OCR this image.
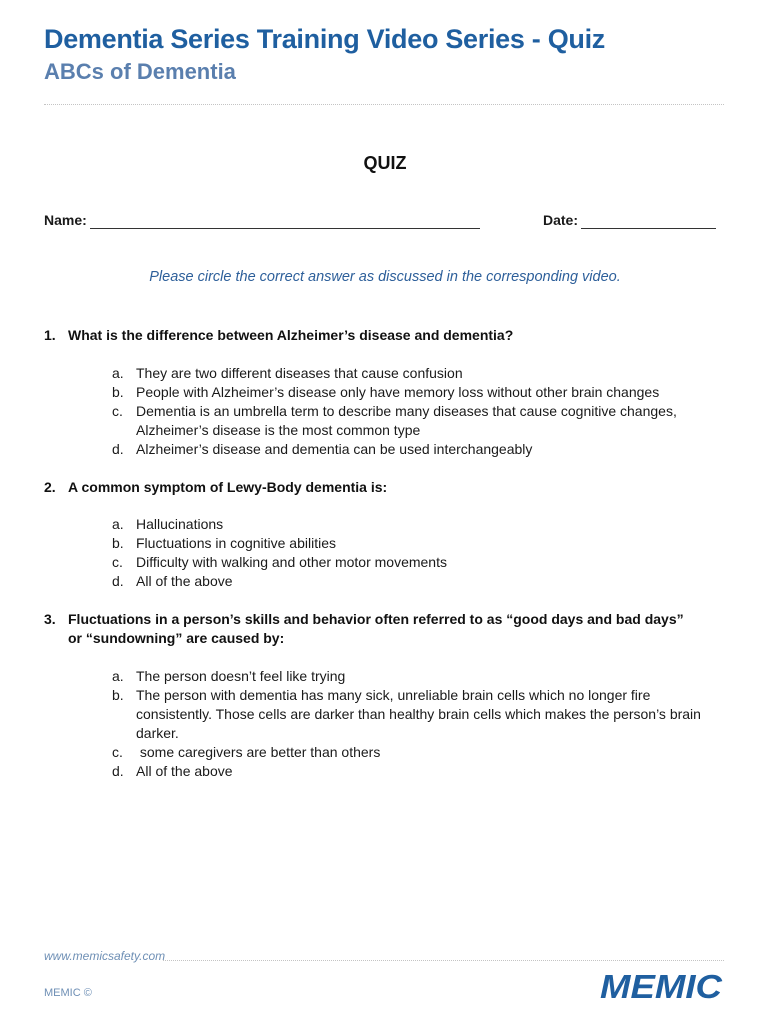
Dementia Series Training Video Series - Quiz
ABCs of Dementia
QUIZ
Name:	Date:
Please circle the correct answer as discussed in the corresponding video.
1. What is the difference between Alzheimer’s disease and dementia?
a. They are two different diseases that cause confusion
b. People with Alzheimer’s disease only have memory loss without other brain changes
c. Dementia is an umbrella term to describe many diseases that cause cognitive changes, Alzheimer’s disease is the most common type
d. Alzheimer’s disease and dementia can be used interchangeably
2. A common symptom of Lewy-Body dementia is:
a. Hallucinations
b. Fluctuations in cognitive abilities
c. Difficulty with walking and other motor movements
d. All of the above
3. Fluctuations in a person’s skills and behavior often referred to as “good days and bad days” or “sundowning” are caused by:
a. The person doesn’t feel like trying
b. The person with dementia has many sick, unreliable brain cells which no longer fire consistently. Those cells are darker than healthy brain cells which makes the person’s brain darker.
c. some caregivers are better than others
d. All of the above
www.memicsafety.com
MEMIC ©	MEMIC
